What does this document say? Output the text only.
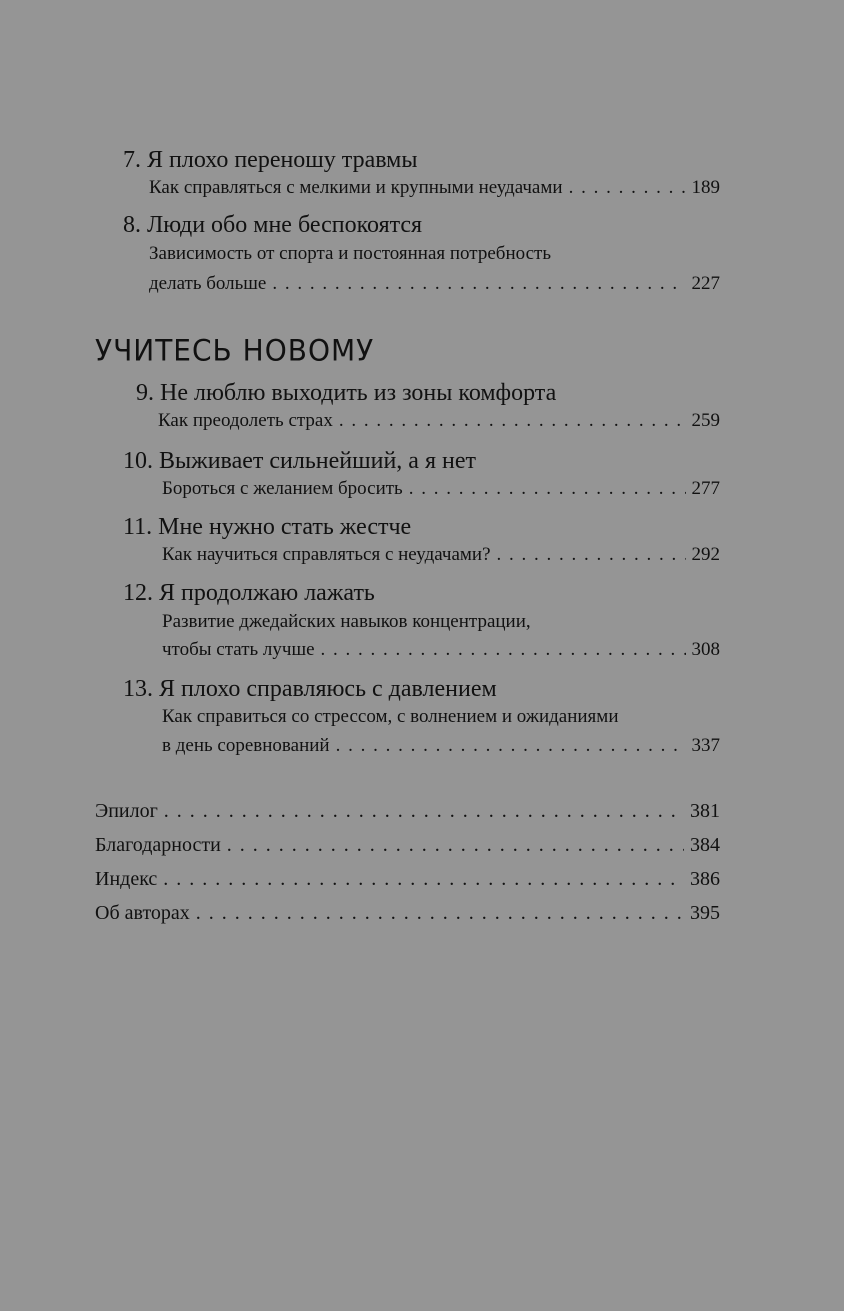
7. Я плохо переношу травмы
Как справляться с мелкими и крупными неудачами . . .	189
8. Люди обо мне беспокоятся
Зависимость от спорта и постоянная потребность
делать больше . . .	227
УЧИТЕСЬ НОВОМУ
9. Не люблю выходить из зоны комфорта
Как преодолеть страх . . .	259
10. Выживает сильнейший, а я нет
Бороться с желанием бросить . . .	277
11. Мне нужно стать жестче
Как научиться справляться с неудачами? . . .	292
12. Я продолжаю лажать
Развитие джедайских навыков концентрации,
чтобы стать лучше . . .	308
13. Я плохо справляюсь с давлением
Как справиться со стрессом, с волнением и ожиданиями
в день соревнований . . .	337
Эпилог . . .	381
Благодарности . . .	384
Индекс . . .	386
Об авторах . . .	395
